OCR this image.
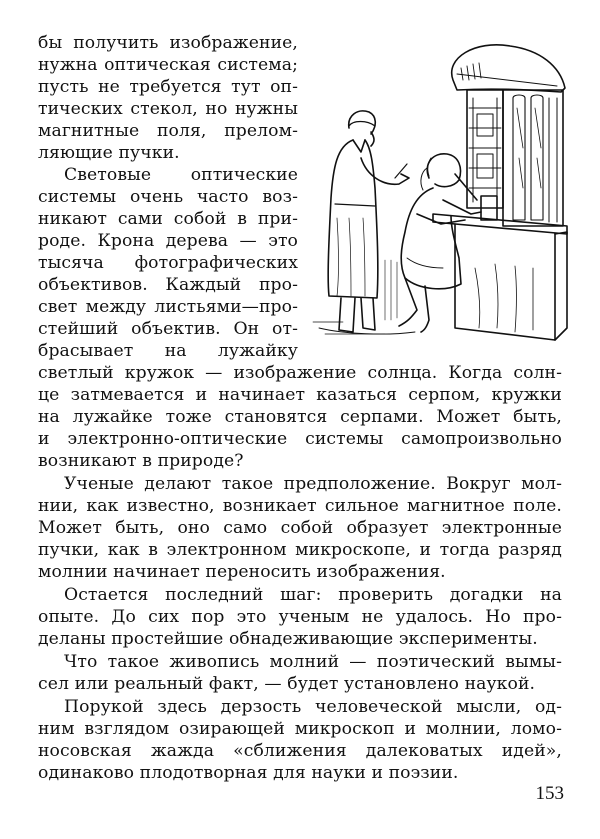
бы получить изображение,
нужна оптическая система;
пусть не требуется тут оп-
тических стекол, но нужны
магнитные поля, прелом-
ляющие пучки.
Световые оптические
системы очень часто воз-
никают сами собой в при-
роде. Крона дерева — это
тысяча фотографических
объективов. Каждый про-
свет между листьями—про-
стейший объектив. Он от-
брасывает на лужайку
светлый кружок — изображение солнца. Когда солн-
це затмевается и начинает казаться серпом, кружки
на лужайке тоже становятся серпами. Может быть,
и электронно-оптические системы самопроизвольно
возникают в природе?
Ученые делают такое предположение. Вокруг мол-
нии, как известно, возникает сильное магнитное поле.
Может быть, оно само собой образует электронные
пучки, как в электронном микроскопе, и тогда разряд
молнии начинает переносить изображения.
Остается последний шаг: проверить догадки на
опыте. До сих пор это ученым не удалось. Но про-
деланы простейшие обнадеживающие эксперименты.
Что такое живопись молний — поэтический вымы-
сел или реальный факт, — будет установлено наукой.
Порукой здесь дерзость человеческой мысли, од-
ним взглядом озирающей микроскоп и молнии, ломо-
носовская жажда «сближения далековатых идей»,
одинаково плодотворная для науки и поэзии.
153
